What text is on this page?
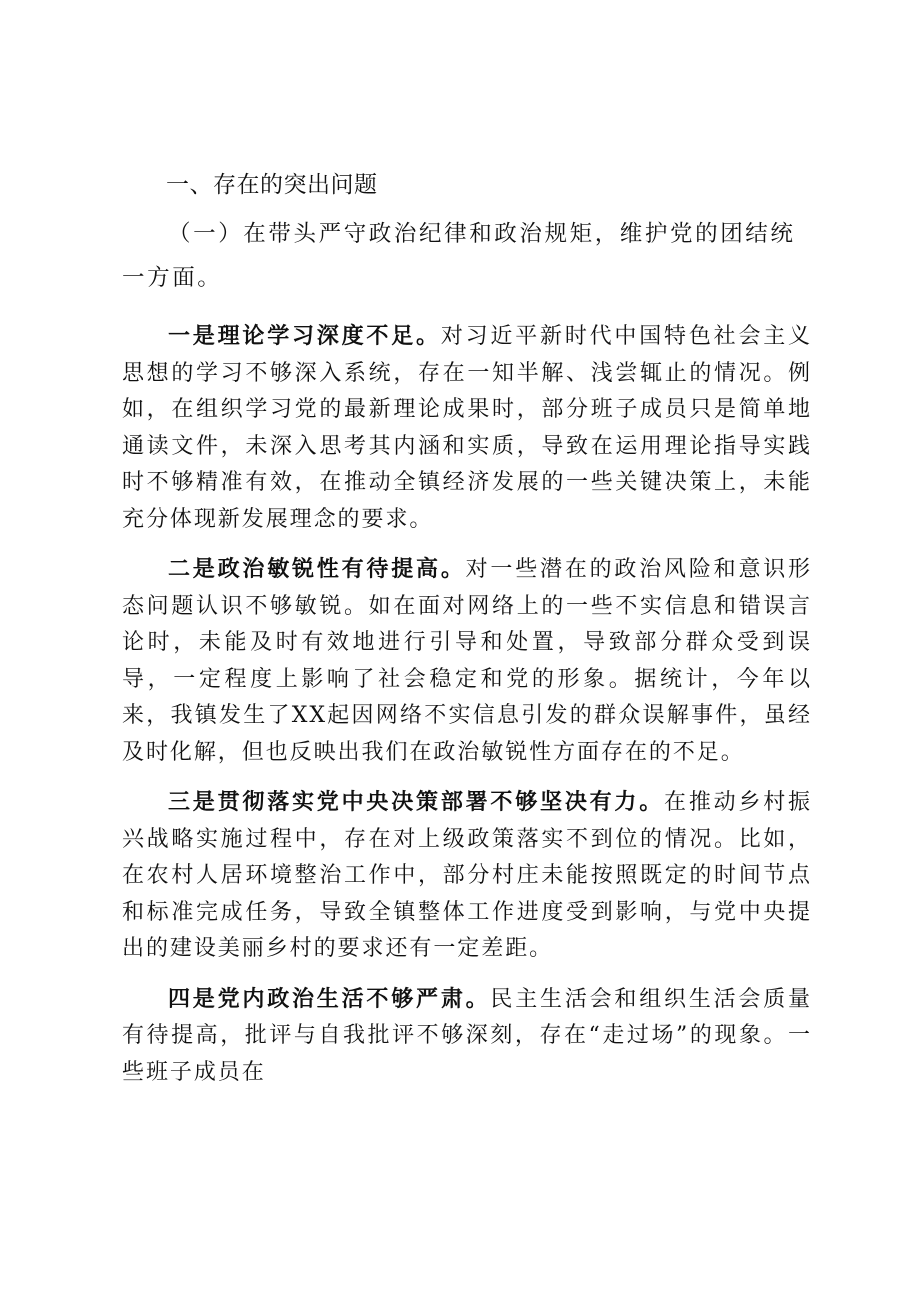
一、存在的突出问题

（一）在带头严守政治纪律和政治规矩，维护党的团结统一方面。

一是理论学习深度不足。对习近平新时代中国特色社会主义思想的学习不够深入系统，存在一知半解、浅尝辄止的情况。例如，在组织学习党的最新理论成果时，部分班子成员只是简单地通读文件，未深入思考其内涵和实质，导致在运用理论指导实践时不够精准有效，在推动全镇经济发展的一些关键决策上，未能充分体现新发展理念的要求。

二是政治敏锐性有待提高。对一些潜在的政治风险和意识形态问题认识不够敏锐。如在面对网络上的一些不实信息和错误言论时，未能及时有效地进行引导和处置，导致部分群众受到误导，一定程度上影响了社会稳定和党的形象。据统计，今年以来，我镇发生了XX起因网络不实信息引发的群众误解事件，虽经及时化解，但也反映出我们在政治敏锐性方面存在的不足。

三是贯彻落实党中央决策部署不够坚决有力。在推动乡村振兴战略实施过程中，存在对上级政策落实不到位的情况。比如，在农村人居环境整治工作中，部分村庄未能按照既定的时间节点和标准完成任务，导致全镇整体工作进度受到影响，与党中央提出的建设美丽乡村的要求还有一定差距。

四是党内政治生活不够严肃。民主生活会和组织生活会质量有待提高，批评与自我批评不够深刻，存在“走过场”的现象。一些班子成员在
